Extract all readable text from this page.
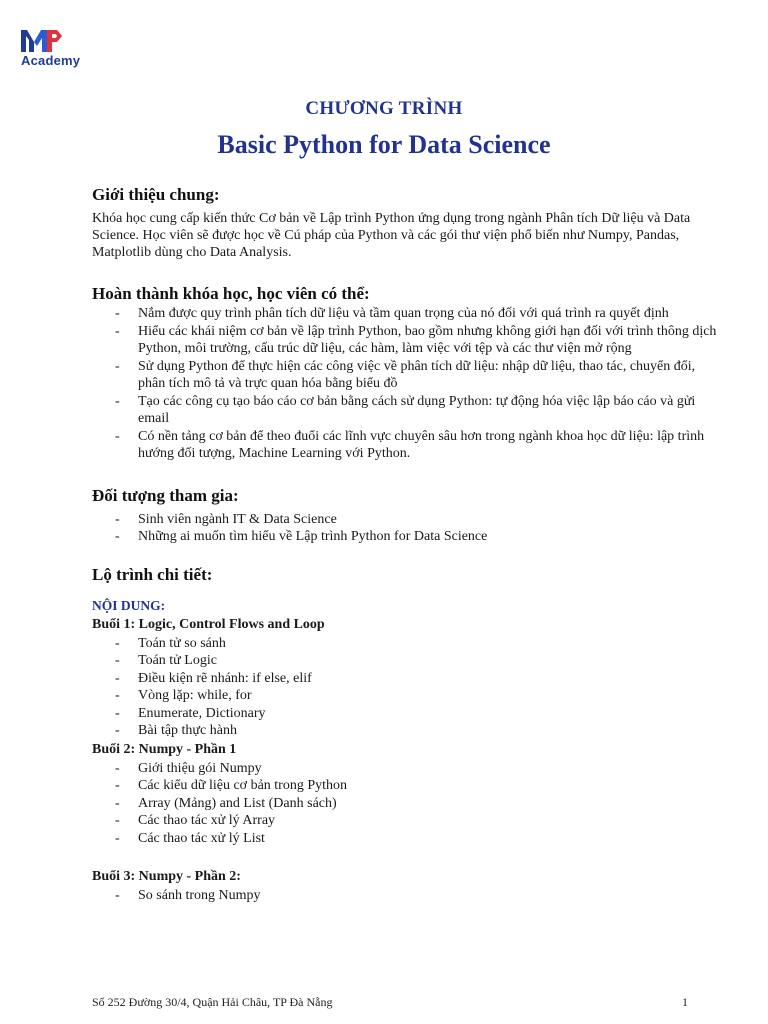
Academy
CHƯƠNG TRÌNH
Basic Python for Data Science
Giới thiệu chung:

Khóa học cung cấp kiến thức Cơ bản về Lập trình Python ứng dụng trong ngành Phân tích Dữ liệu và Data Science. Học viên sẽ được học về Cú pháp của Python và các gói thư viện phổ biến như Numpy, Pandas, Matplotlib dùng cho Data Analysis.

Hoàn thành khóa học, học viên có thể:
- Nắm được quy trình phân tích dữ liệu và tầm quan trọng của nó đối với quá trình ra quyết định
- Hiểu các khái niệm cơ bản về lập trình Python, bao gồm nhưng không giới hạn đối với trình thông dịch Python, môi trường, cấu trúc dữ liệu, các hàm, làm việc với tệp và các thư viện mở rộng
- Sử dụng Python để thực hiện các công việc về phân tích dữ liệu: nhập dữ liệu, thao tác, chuyển đổi, phân tích mô tả và trực quan hóa bằng biểu đồ
- Tạo các công cụ tạo báo cáo cơ bản bằng cách sử dụng Python: tự động hóa việc lập báo cáo và gửi email
- Có nền tảng cơ bản để theo đuổi các lĩnh vực chuyên sâu hơn trong ngành khoa học dữ liệu: lập trình hướng đối tượng, Machine Learning với Python.
Đối tượng tham gia:
- Sinh viên ngành IT & Data Science
- Những ai muốn tìm hiểu về Lập trình Python for Data Science
Lộ trình chi tiết:
NỘI DUNG:
Buổi 1: Logic, Control Flows and Loop
- Toán tử so sánh
- Toán tử Logic
- Điều kiện rẽ nhánh: if else, elif
- Vòng lặp: while, for
- Enumerate, Dictionary
- Bài tập thực hành
Buổi 2: Numpy - Phần 1
- Giới thiệu gói Numpy
- Các kiểu dữ liệu cơ bản trong Python
- Array (Mảng) and List (Danh sách)
- Các thao tác xử lý Array
- Các thao tác xử lý List
Buổi 3: Numpy - Phần 2:
- So sánh trong Numpy
Số 252 Đường 30/4, Quận Hải Châu, TP Đà Nẵng	1
